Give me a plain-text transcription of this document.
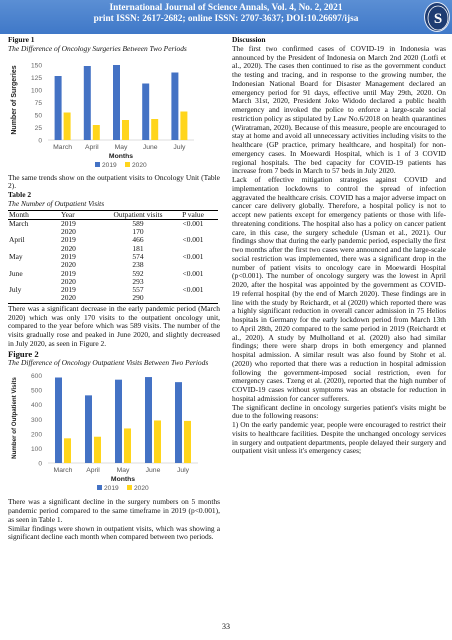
International Journal of Science Annals, Vol. 4, No. 2, 2021
print ISSN: 2617-2682; online ISSN: 2707-3637; DOI:10.26697/ijsa	S
Figure 1
The Difference of Oncology Surgeries Between Two Periods
Number of Surgeries
0
25
50
75
100
125
150
March April May June July
Months
2019 2020
The same trends show on the outpatient visits to Oncology Unit (Table 2).
Table 2
The Number of Outpatient Visits
Month	Year	Outpatient visits	P value
March	2019	589	<0.001
	2020	170	
April	2019	466	<0.001
	2020	181	
May	2019	574	<0.001
	2020	238	
June	2019	592	<0.001
	2020	293	
July	2019	557	<0.001
	2020	290	
There was a significant decrease in the early pandemic period (March 2020) which was only 170 visits to the outpatient oncology unit, compared to the year before which was 589 visits. The number of the visits gradually rose and peaked in June 2020, and slightly decreased in July 2020, as seen in Figure 2.
Figure 2
The Difference of Oncology Outpatient Visits Between Two Periods
Number of Outpatient Visits
0
100
200
300
400
500
600
March April May June July
Months
2019 2020
There was a significant decline in the surgery numbers on 5 months pandemic period compared to the same timeframe in 2019 (p<0.001), as seen in Table 1.
Similar findings were shown in outpatient visits, which was showing a significant decline each month when compared between two periods.
Discussion
The first two confirmed cases of COVID-19 in Indonesia was announced by the President of Indonesia on March 2nd 2020 (Lotfi et al., 2020). The cases then continued to rise as the government conduct the testing and tracing, and in response to the growing number, the Indonesian National Board for Disaster Management declared an emergency period for 91 days, effective until May 29th, 2020. On March 31st, 2020, President Joko Widodo declared a public health emergency and invoked the police to enforce a large-scale social restriction policy as stipulated by Law No.6/2018 on health quarantines (Wiratraman, 2020). Because of this measure, people are encouraged to stay at home and avoid all unnecessary activities including visits to the healthcare (GP practice, primary healthcare, and hospital) for non-emergency cases. In Moewardi Hospital, which is 1 of 3 COVID regional hospitals. The bed capacity for COVID-19 patients has increase from 7 beds in March to 57 beds in July 2020.
Lack of effective mitigation strategies against COVID and implementation lockdowns to control the spread of infection aggravated the healthcare crisis. COVID has a major adverse impact on cancer care delivery globally. Therefore, a hospital policy is not to accept new patients except for emergency patients or those with life-threatening conditions. The hospital also has a policy on cancer patient care, in this case, the surgery schedule (Usman et al., 2021). Our findings show that during the early pandemic period, especially the first two months after the first two cases were announced and the large-scale social restriction was implemented, there was a significant drop in the number of patient visits to oncology care in Moewardi Hospital (p<0.001). The number of oncology surgery was the lowest in April 2020, after the hospital was appointed by the government as COVID-19 referral hospital (by the end of March 2020). These findings are in line with the study by Reichardt, et al (2020) which reported there was a highly significant reduction in overall cancer admission in 75 Helios hospitals in Germany for the early lockdown period from March 13th to April 28th, 2020 compared to the same period in 2019 (Reichardt et al., 2020). A study by Mulholland et al. (2020) also had similar findings; there were sharp drops in both emergency and planned hospital admission. A similar result was also found by Stohr et al. (2020) who reported that there was a reduction in hospital admission following the government-imposed social restriction, even for emergency cases. Tzeng et al. (2020), reported that the high number of COVID-19 cases without symptoms was an obstacle for reduction in hospital admission for cancer sufferers.
The significant decline in oncology surgeries patient's visits might be due to the following reasons:
1) On the early pandemic year, people were encouraged to restrict their visits to healthcare facilities. Despite the unchanged oncology services in surgery and outpatient departments, people delayed their surgery and outpatient visit unless it's emergency cases;
33
